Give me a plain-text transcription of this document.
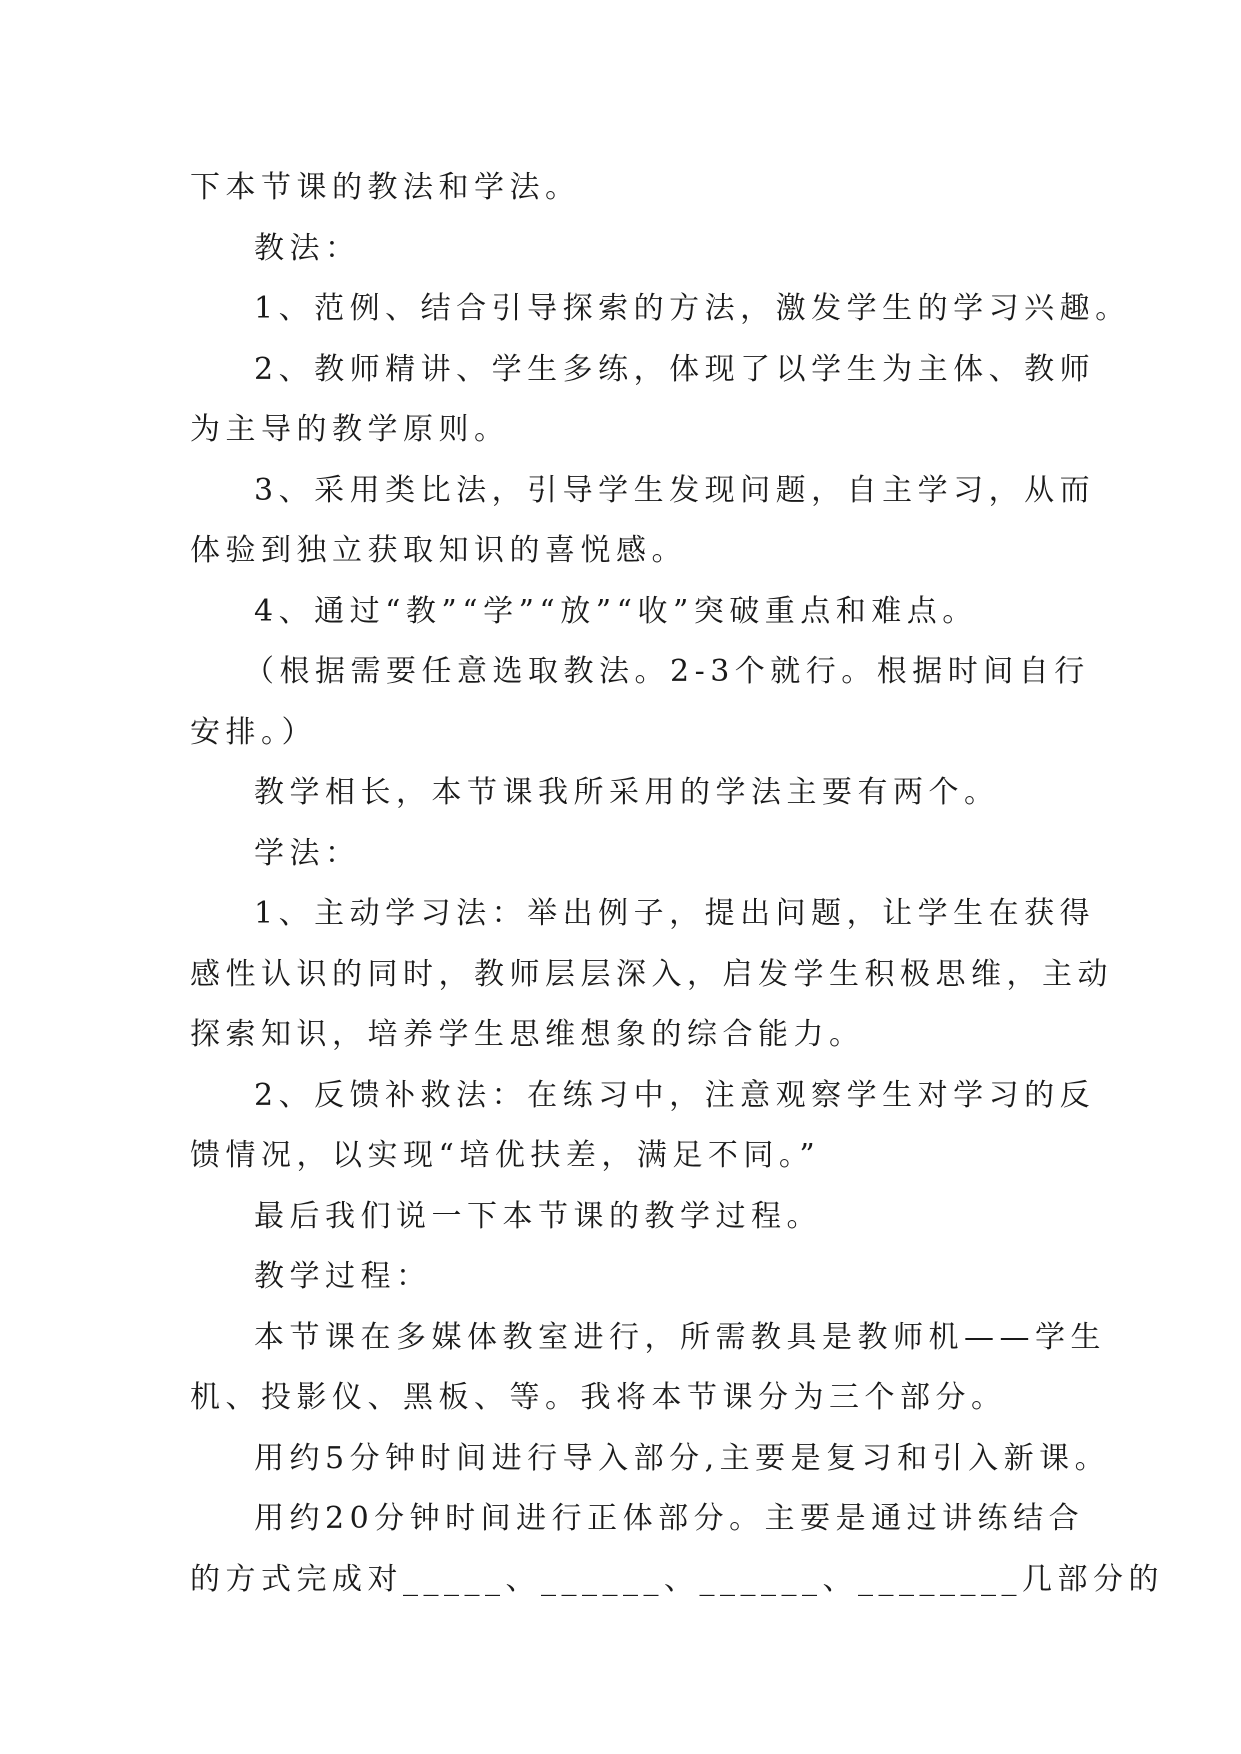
下本节课的教法和学法。
教法：
1、范例、结合引导探索的方法，激发学生的学习兴趣。
2、教师精讲、学生多练，体现了以学生为主体、教师
为主导的教学原则。
3、采用类比法，引导学生发现问题，自主学习，从而
体验到独立获取知识的喜悦感。
4、通过“教”“学”“放”“收”突破重点和难点。
（根据需要任意选取教法。2-3个就行。根据时间自行
安排。）
教学相长，本节课我所采用的学法主要有两个。
学法：
1、主动学习法：举出例子，提出问题，让学生在获得
感性认识的同时，教师层层深入，启发学生积极思维，主动
探索知识，培养学生思维想象的综合能力。
2、反馈补救法：在练习中，注意观察学生对学习的反
馈情况，以实现“培优扶差，满足不同。”
最后我们说一下本节课的教学过程。
教学过程：
本节课在多媒体教室进行，所需教具是教师机——学生
机、投影仪、黑板、等。我将本节课分为三个部分。
用约5分钟时间进行导入部分,主要是复习和引入新课。
用约20分钟时间进行正体部分。主要是通过讲练结合
的方式完成对_____、______、______、________几部分的
